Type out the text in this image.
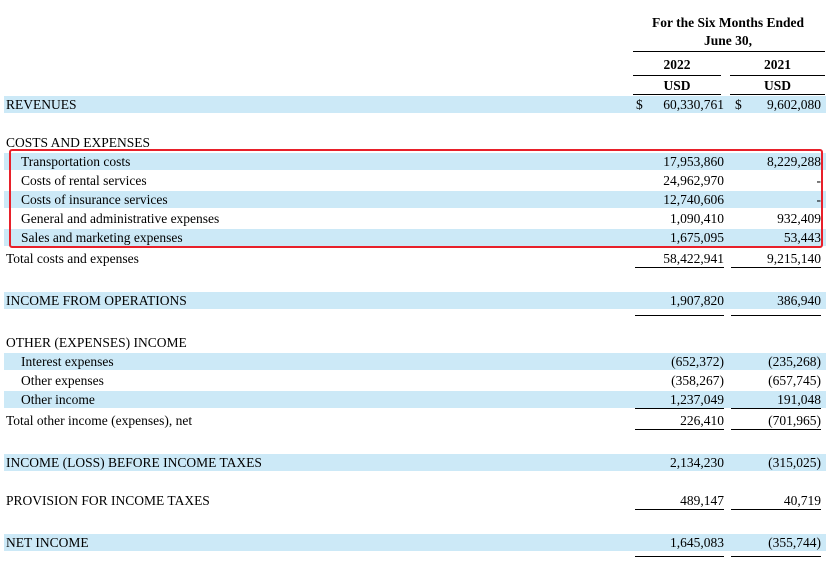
For the Six Months Ended
June 30,
2022	2021
USD	USD
REVENUES	$	60,330,761 $	9,602,080
COSTS AND EXPENSES
Transportation costs	17,953,860	8,229,288
Costs of rental services	24,962,970	-
Costs of insurance services	12,740,606	-
General and administrative expenses	1,090,410	932,409
Sales and marketing expenses	1,675,095	53,443
Total costs and expenses	58,422,941	9,215,140
INCOME FROM OPERATIONS	1,907,820	386,940
OTHER (EXPENSES) INCOME
Interest expenses	(652,372)	(235,268)
Other expenses	(358,267)	(657,745)
Other income	1,237,049	191,048
Total other income (expenses), net	226,410	(701,965)
INCOME (LOSS) BEFORE INCOME TAXES	2,134,230	(315,025)
PROVISION FOR INCOME TAXES	489,147	40,719
NET INCOME	1,645,083	(355,744)
